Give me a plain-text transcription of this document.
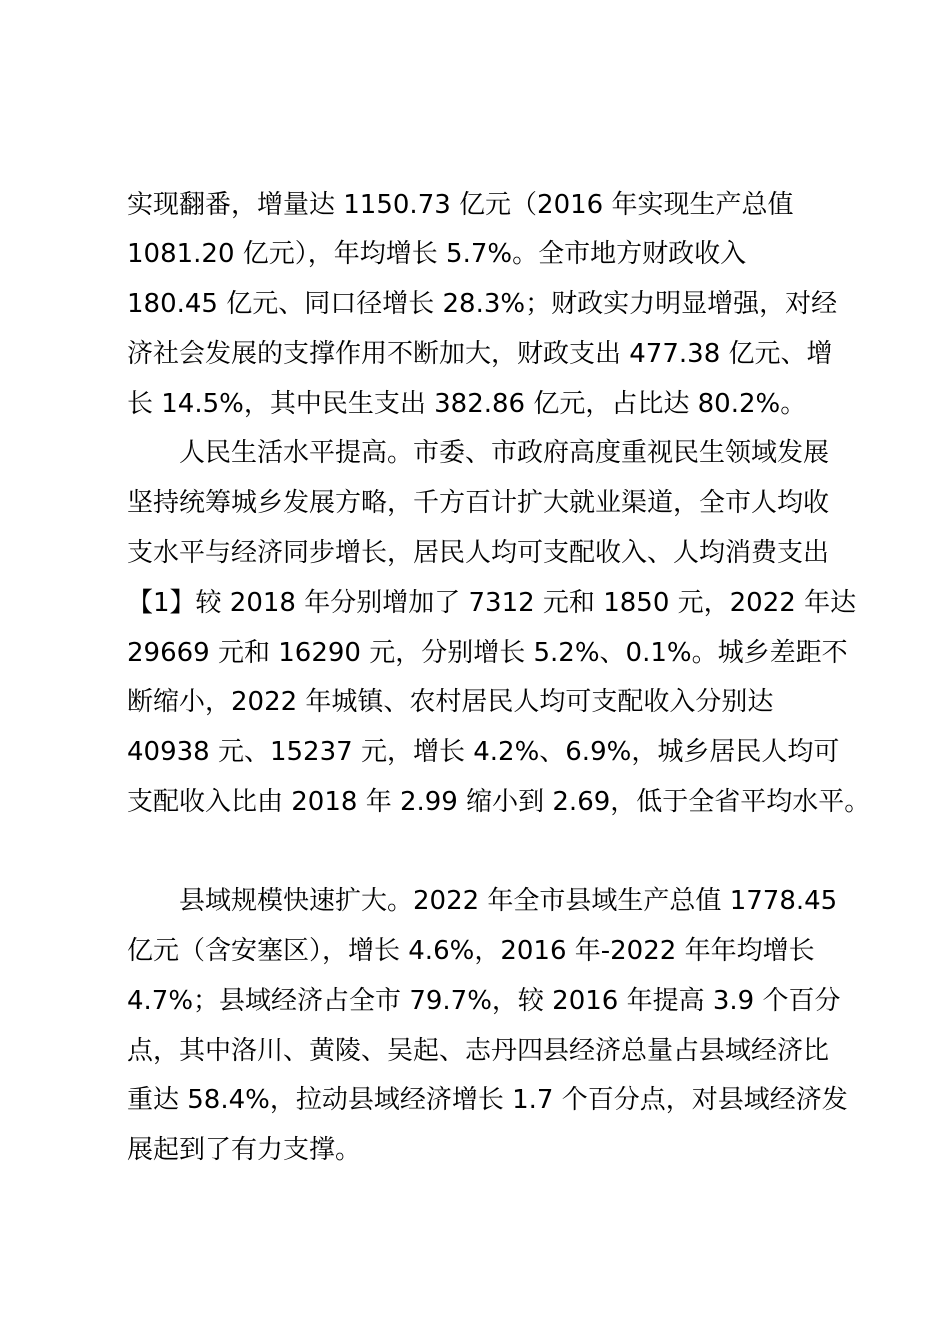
实现翻番，增量达 1150.73 亿元（2016 年实现生产总值
1081.20 亿元），年均增长 5.7%。全市地方财政收入
180.45 亿元、同口径增长 28.3%；财政实力明显增强，对经
济社会发展的支撑作用不断加大，财政支出 477.38 亿元、增
长 14.5%，其中民生支出 382.86 亿元，占比达 80.2%。
人民生活水平提高。市委、市政府高度重视民生领域发展
坚持统筹城乡发展方略，千方百计扩大就业渠道，全市人均收
支水平与经济同步增长，居民人均可支配收入、人均消费支出
【1】较 2018 年分别增加了 7312 元和 1850 元，2022 年达
29669 元和 16290 元，分别增长 5.2%、0.1%。城乡差距不
断缩小，2022 年城镇、农村居民人均可支配收入分别达
40938 元、15237 元，增长 4.2%、6.9%，城乡居民人均可
支配收入比由 2018 年 2.99 缩小到 2.69，低于全省平均水平。
县域规模快速扩大。2022 年全市县域生产总值 1778.45
亿元（含安塞区），增长 4.6%，2016 年-2022 年年均增长
4.7%；县域经济占全市 79.7%，较 2016 年提高 3.9 个百分
点，其中洛川、黄陵、吴起、志丹四县经济总量占县域经济比
重达 58.4%，拉动县域经济增长 1.7 个百分点，对县域经济发
展起到了有力支撑。
